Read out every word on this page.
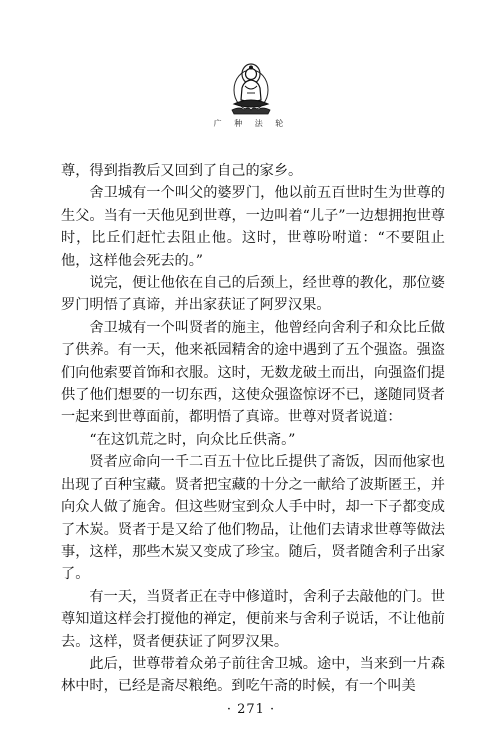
广 种 法 轮

尊，得到指教后又回到了自己的家乡。

舍卫城有一个叫父的婆罗门，他以前五百世时生为世尊的生父。当有一天他见到世尊，一边叫着“儿子”一边想拥抱世尊时，比丘们赶忙去阻止他。这时，世尊吩咐道：“不要阻止他，这样他会死去的。”

说完，便让他依在自己的后颈上，经世尊的教化，那位婆罗门明悟了真谛，并出家获证了阿罗汉果。

舍卫城有一个叫贤者的施主，他曾经向舍利子和众比丘做了供养。有一天，他来祇园精舍的途中遇到了五个强盗。强盗们向他索要首饰和衣服。这时，无数龙破土而出，向强盗们提供了他们想要的一切东西，这使众强盗惊讶不已，遂随同贤者一起来到世尊面前，都明悟了真谛。世尊对贤者说道：

“在这饥荒之时，向众比丘供斋。”

贤者应命向一千二百五十位比丘提供了斋饭，因而他家也出现了百种宝藏。贤者把宝藏的十分之一献给了波斯匿王，并向众人做了施舍。但这些财宝到众人手中时，却一下子都变成了木炭。贤者于是又给了他们物品，让他们去请求世尊等做法事，这样，那些木炭又变成了珍宝。随后，贤者随舍利子出家了。

有一天，当贤者正在寺中修道时，舍利子去敲他的门。世尊知道这样会打搅他的禅定，便前来与舍利子说话，不让他前去。这样，贤者便获证了阿罗汉果。

此后，世尊带着众弟子前往舍卫城。途中，当来到一片森林中时，已经是斋尽粮绝。到吃午斋的时候，有一个叫美

· 271 ·
